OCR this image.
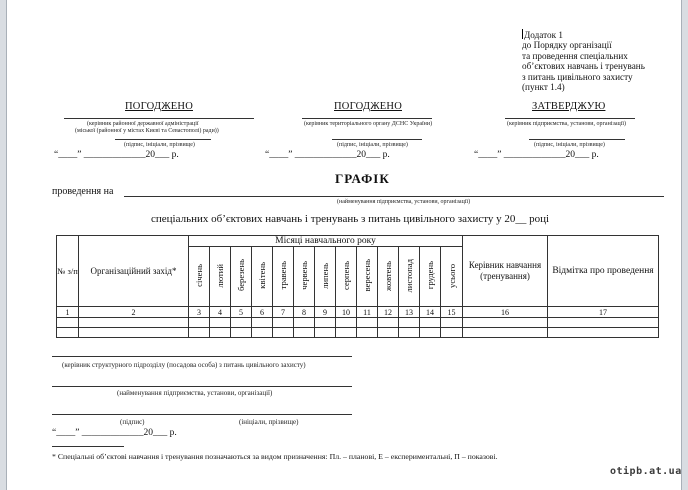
Додаток 1
до Порядку організації
та проведення спеціальних
об’єктових навчань і тренувань
з питань цивільного захисту
(пункт 1.4)
ПОГОДЖЕНО
(керівник районної державної адміністрації
(міської (районної у містах Києві та Севастополі) ради))
(підпис, ініціали, прізвище)
“____” _____________20___ р.
ПОГОДЖЕНО
(керівник територіального органу ДСНС України)
(підпис, ініціали, прізвище)
“____” _____________20___ р.
ЗАТВЕРДЖУЮ
(керівник підприємства, установи, організації)
(підпис, ініціали, прізвище)
“____” _____________20___ р.
ГРАФІК
проведення на
(найменування підприємства, установи, організації)
спеціальних об’єктових навчань і тренувань з питань цивільного захисту у 20__ році
№ з/п	Організаційний захід*	Місяці навчального року													Керівник навчання (тренування)	Відмітка про проведення
		січень	лютий	березень	квітень	травень	червень	липень	серпень	вересень	жовтень	листопад	грудень	усього		
1	2	3	4	5	6	7	8	9	10	11	12	13	14	15	16	17

(керівник структурного підрозділу (посадова особа) з питань цивільного захисту)
(найменування підприємства, установи, організації)
(підпис)	(ініціали, прізвище)
“____” _____________20___ р.
* Спеціальні об’єктові навчання і тренування позначаються за видом призначення: Пл. – планові, Е – експериментальні, П – показові.
otipb.at.ua
